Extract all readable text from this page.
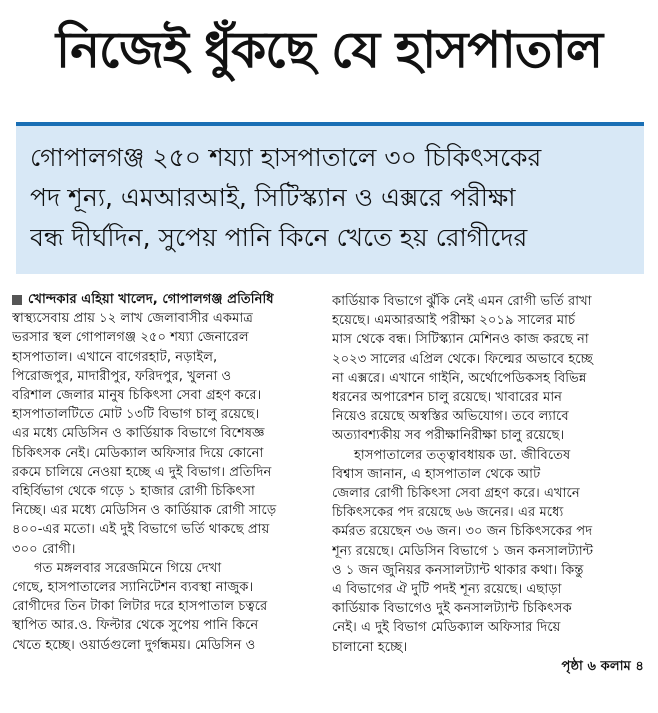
নিজেই ধুঁকছে যে হাসপাতাল

গোপালগঞ্জ ২৫০ শয্যা হাসপাতালে ৩০ চিকিৎসকের

পদ শূন্য, এমআরআই, সিটিস্ক্যান ও এক্সরে পরীক্ষা

বন্ধ দীর্ঘদিন, সুপেয় পানি কিনে খেতে হয় রোগীদের

খোন্দকার এহিয়া খালেদ, গোপালগঞ্জ প্রতিনিধি
স্বাস্থ্যসেবায় প্রায় ১২ লাখ জেলাবাসীর একমাত্র
ভরসার স্থল গোপালগঞ্জ ২৫০ শয্যা জেনারেল
হাসপাতাল। এখানে বাগেরহাট, নড়াইল,
পিরোজপুর, মাদারীপুর, ফরিদপুর, খুলনা ও
বরিশাল জেলার মানুষ চিকিৎসা সেবা গ্রহণ করে।
হাসপাতালটিতে মোট ১৩টি বিভাগ চালু রয়েছে।
এর মধ্যে মেডিসিন ও কার্ডিয়াক বিভাগে বিশেষজ্ঞ
চিকিৎসক নেই। মেডিক্যাল অফিসার দিয়ে কোনো
রকমে চালিয়ে নেওয়া হচ্ছে এ দুই বিভাগ। প্রতিদিন
বহির্বিভাগ থেকে গড়ে ১ হাজার রোগী চিকিৎসা
নিচ্ছে। এর মধ্যে মেডিসিন ও কার্ডিয়াক রোগী সাড়ে
৪০০-এর মতো। এই দুই বিভাগে ভর্তি থাকছে প্রায়
৩০০ রোগী।
গত মঙ্গলবার সরেজমিনে গিয়ে দেখা
গেছে, হাসপাতালের স্যানিটেশন ব্যবস্থা নাজুক।
রোগীদের তিন টাকা লিটার দরে হাসপাতাল চত্বরে
স্থাপিত আর.ও. ফিল্টার থেকে সুপেয় পানি কিনে
খেতে হচ্ছে। ওয়ার্ডগুলো দুর্গন্ধময়। মেডিসিন ও
কার্ডিয়াক বিভাগে ঝুঁকি নেই এমন রোগী ভর্তি রাখা
হয়েছে। এমআরআই পরীক্ষা ২০১৯ সালের মার্চ
মাস থেকে বন্ধ। সিটিস্ক্যান মেশিনও কাজ করছে না
২০২৩ সালের এপ্রিল থেকে। ফিল্মের অভাবে হচ্ছে
না এক্সরে। এখানে গাইনি, অর্থোপেডিকসহ বিভিন্ন
ধরনের অপারেশন চালু রয়েছে। খাবারের মান
নিয়েও রয়েছে অস্বস্তির অভিযোগ। তবে ল্যাবে
অত্যাবশ্যকীয় সব পরীক্ষানিরীক্ষা চালু রয়েছে।
হাসপাতালের তত্ত্বাবধায়ক ডা. জীবিতেষ
বিশ্বাস জানান, এ হাসপাতাল থেকে আট
জেলার রোগী চিকিৎসা সেবা গ্রহণ করে। এখানে
চিকিৎসকের পদ রয়েছে ৬৬ জনের। এর মধ্যে
কর্মরত রয়েছেন ৩৬ জন। ৩০ জন চিকিৎসকের পদ
শূন্য রয়েছে। মেডিসিন বিভাগে ১ জন কনসালট্যান্ট
ও ১ জন জুনিয়র কনসালট্যান্ট থাকার কথা। কিন্তু
এ বিভাগের ঐ দুটি পদই শূন্য রয়েছে। এছাড়া
কার্ডিয়াক বিভাগেও দুই কনসালট্যান্ট চিকিৎসক
নেই। এ দুই বিভাগ মেডিক্যাল অফিসার দিয়ে
চালানো হচ্ছে।
পৃষ্ঠা ৬ কলাম ৪
